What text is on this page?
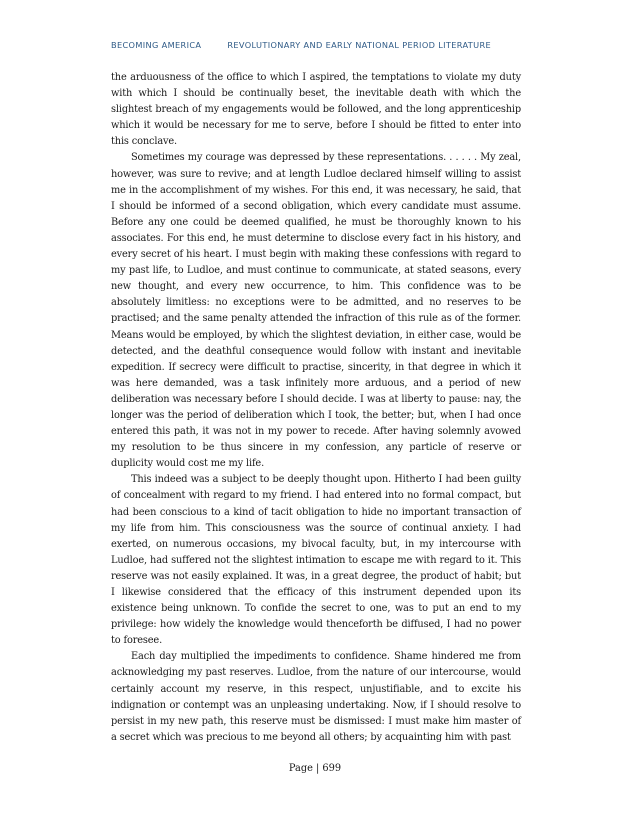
BECOMING AMERICA	REVOLUTIONARY AND EARLY NATIONAL PERIOD LITERATURE

the arduousness of the office to which I aspired, the temptations to violate my duty with which I should be continually beset, the inevitable death with which the slightest breach of my engagements would be followed, and the long apprenticeship which it would be necessary for me to serve, before I should be fitted to enter into this conclave.

Sometimes my courage was depressed by these representations. . . . . . My zeal, however, was sure to revive; and at length Ludloe declared himself willing to assist me in the accomplishment of my wishes. For this end, it was necessary, he said, that I should be informed of a second obligation, which every candidate must assume. Before any one could be deemed qualified, he must be thoroughly known to his associates. For this end, he must determine to disclose every fact in his history, and every secret of his heart. I must begin with making these confessions with regard to my past life, to Ludloe, and must continue to communicate, at stated seasons, every new thought, and every new occurrence, to him. This confidence was to be absolutely limitless: no exceptions were to be admitted, and no reserves to be practised; and the same penalty attended the infraction of this rule as of the former. Means would be employed, by which the slightest deviation, in either case, would be detected, and the deathful consequence would follow with instant and inevitable expedition. If secrecy were difficult to practise, sincerity, in that degree in which it was here demanded, was a task infinitely more arduous, and a period of new deliberation was necessary before I should decide. I was at liberty to pause: nay, the longer was the period of deliberation which I took, the better; but, when I had once entered this path, it was not in my power to recede. After having solemnly avowed my resolution to be thus sincere in my confession, any particle of reserve or duplicity would cost me my life.

This indeed was a subject to be deeply thought upon. Hitherto I had been guilty of concealment with regard to my friend. I had entered into no formal compact, but had been conscious to a kind of tacit obligation to hide no important transaction of my life from him. This consciousness was the source of continual anxiety. I had exerted, on numerous occasions, my bivocal faculty, but, in my intercourse with Ludloe, had suffered not the slightest intimation to escape me with regard to it. This reserve was not easily explained. It was, in a great degree, the product of habit; but I likewise considered that the efficacy of this instrument depended upon its existence being unknown. To confide the secret to one, was to put an end to my privilege: how widely the knowledge would thenceforth be diffused, I had no power to foresee.

Each day multiplied the impediments to confidence. Shame hindered me from acknowledging my past reserves. Ludloe, from the nature of our intercourse, would certainly account my reserve, in this respect, unjustifiable, and to excite his indignation or contempt was an unpleasing undertaking. Now, if I should resolve to persist in my new path, this reserve must be dismissed: I must make him master of a secret which was precious to me beyond all others; by acquainting him with past

Page | 699
